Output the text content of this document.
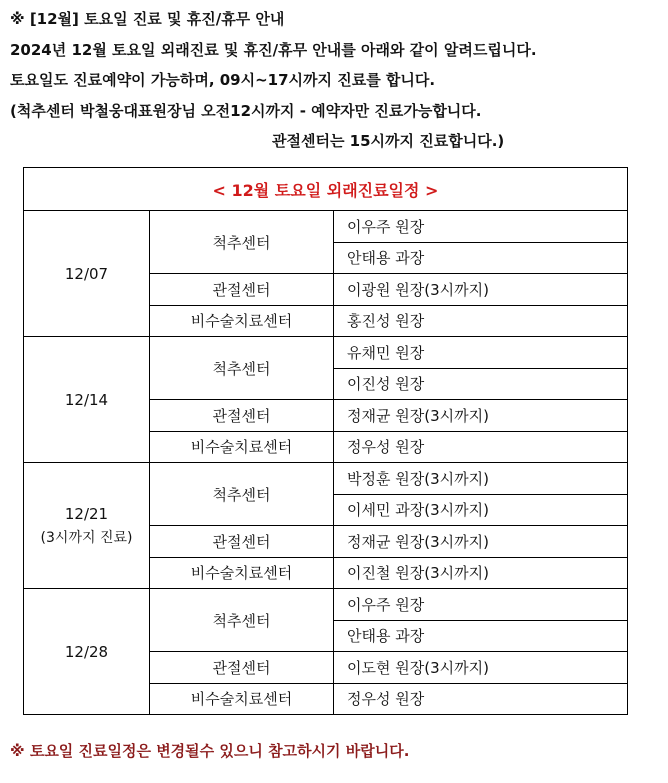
※ [12월] 토요일 진료 및 휴진/휴무 안내
2024년 12월 토요일 외래진료 및 휴진/휴무 안내를 아래와 같이 알려드립니다.
토요일도 진료예약이 가능하며, 09시~17시까지 진료를 합니다.
(척추센터 박철웅대표원장님 오전12시까지 - 예약자만 진료가능합니다.
관절센터는 15시까지 진료합니다.)
< 12월 토요일 외래진료일정 >		
12/07	척추센터	이우주 원장
		안태용 과장
	관절센터	이광원 원장(3시까지)
	비수술치료센터	홍진성 원장
12/14	척추센터	유채민 원장
		이진성 원장
	관절센터	정재균 원장(3시까지)
	비수술치료센터	정우성 원장
12/21
(3시까지 진료)	척추센터	박정훈 원장(3시까지)
		이세민 과장(3시까지)
	관절센터	정재균 원장(3시까지)
	비수술치료센터	이진철 원장(3시까지)
12/28	척추센터	이우주 원장
		안태용 과장
	관절센터	이도현 원장(3시까지)
	비수술치료센터	정우성 원장
※ 토요일 진료일정은 변경될수 있으니 참고하시기 바랍니다.
